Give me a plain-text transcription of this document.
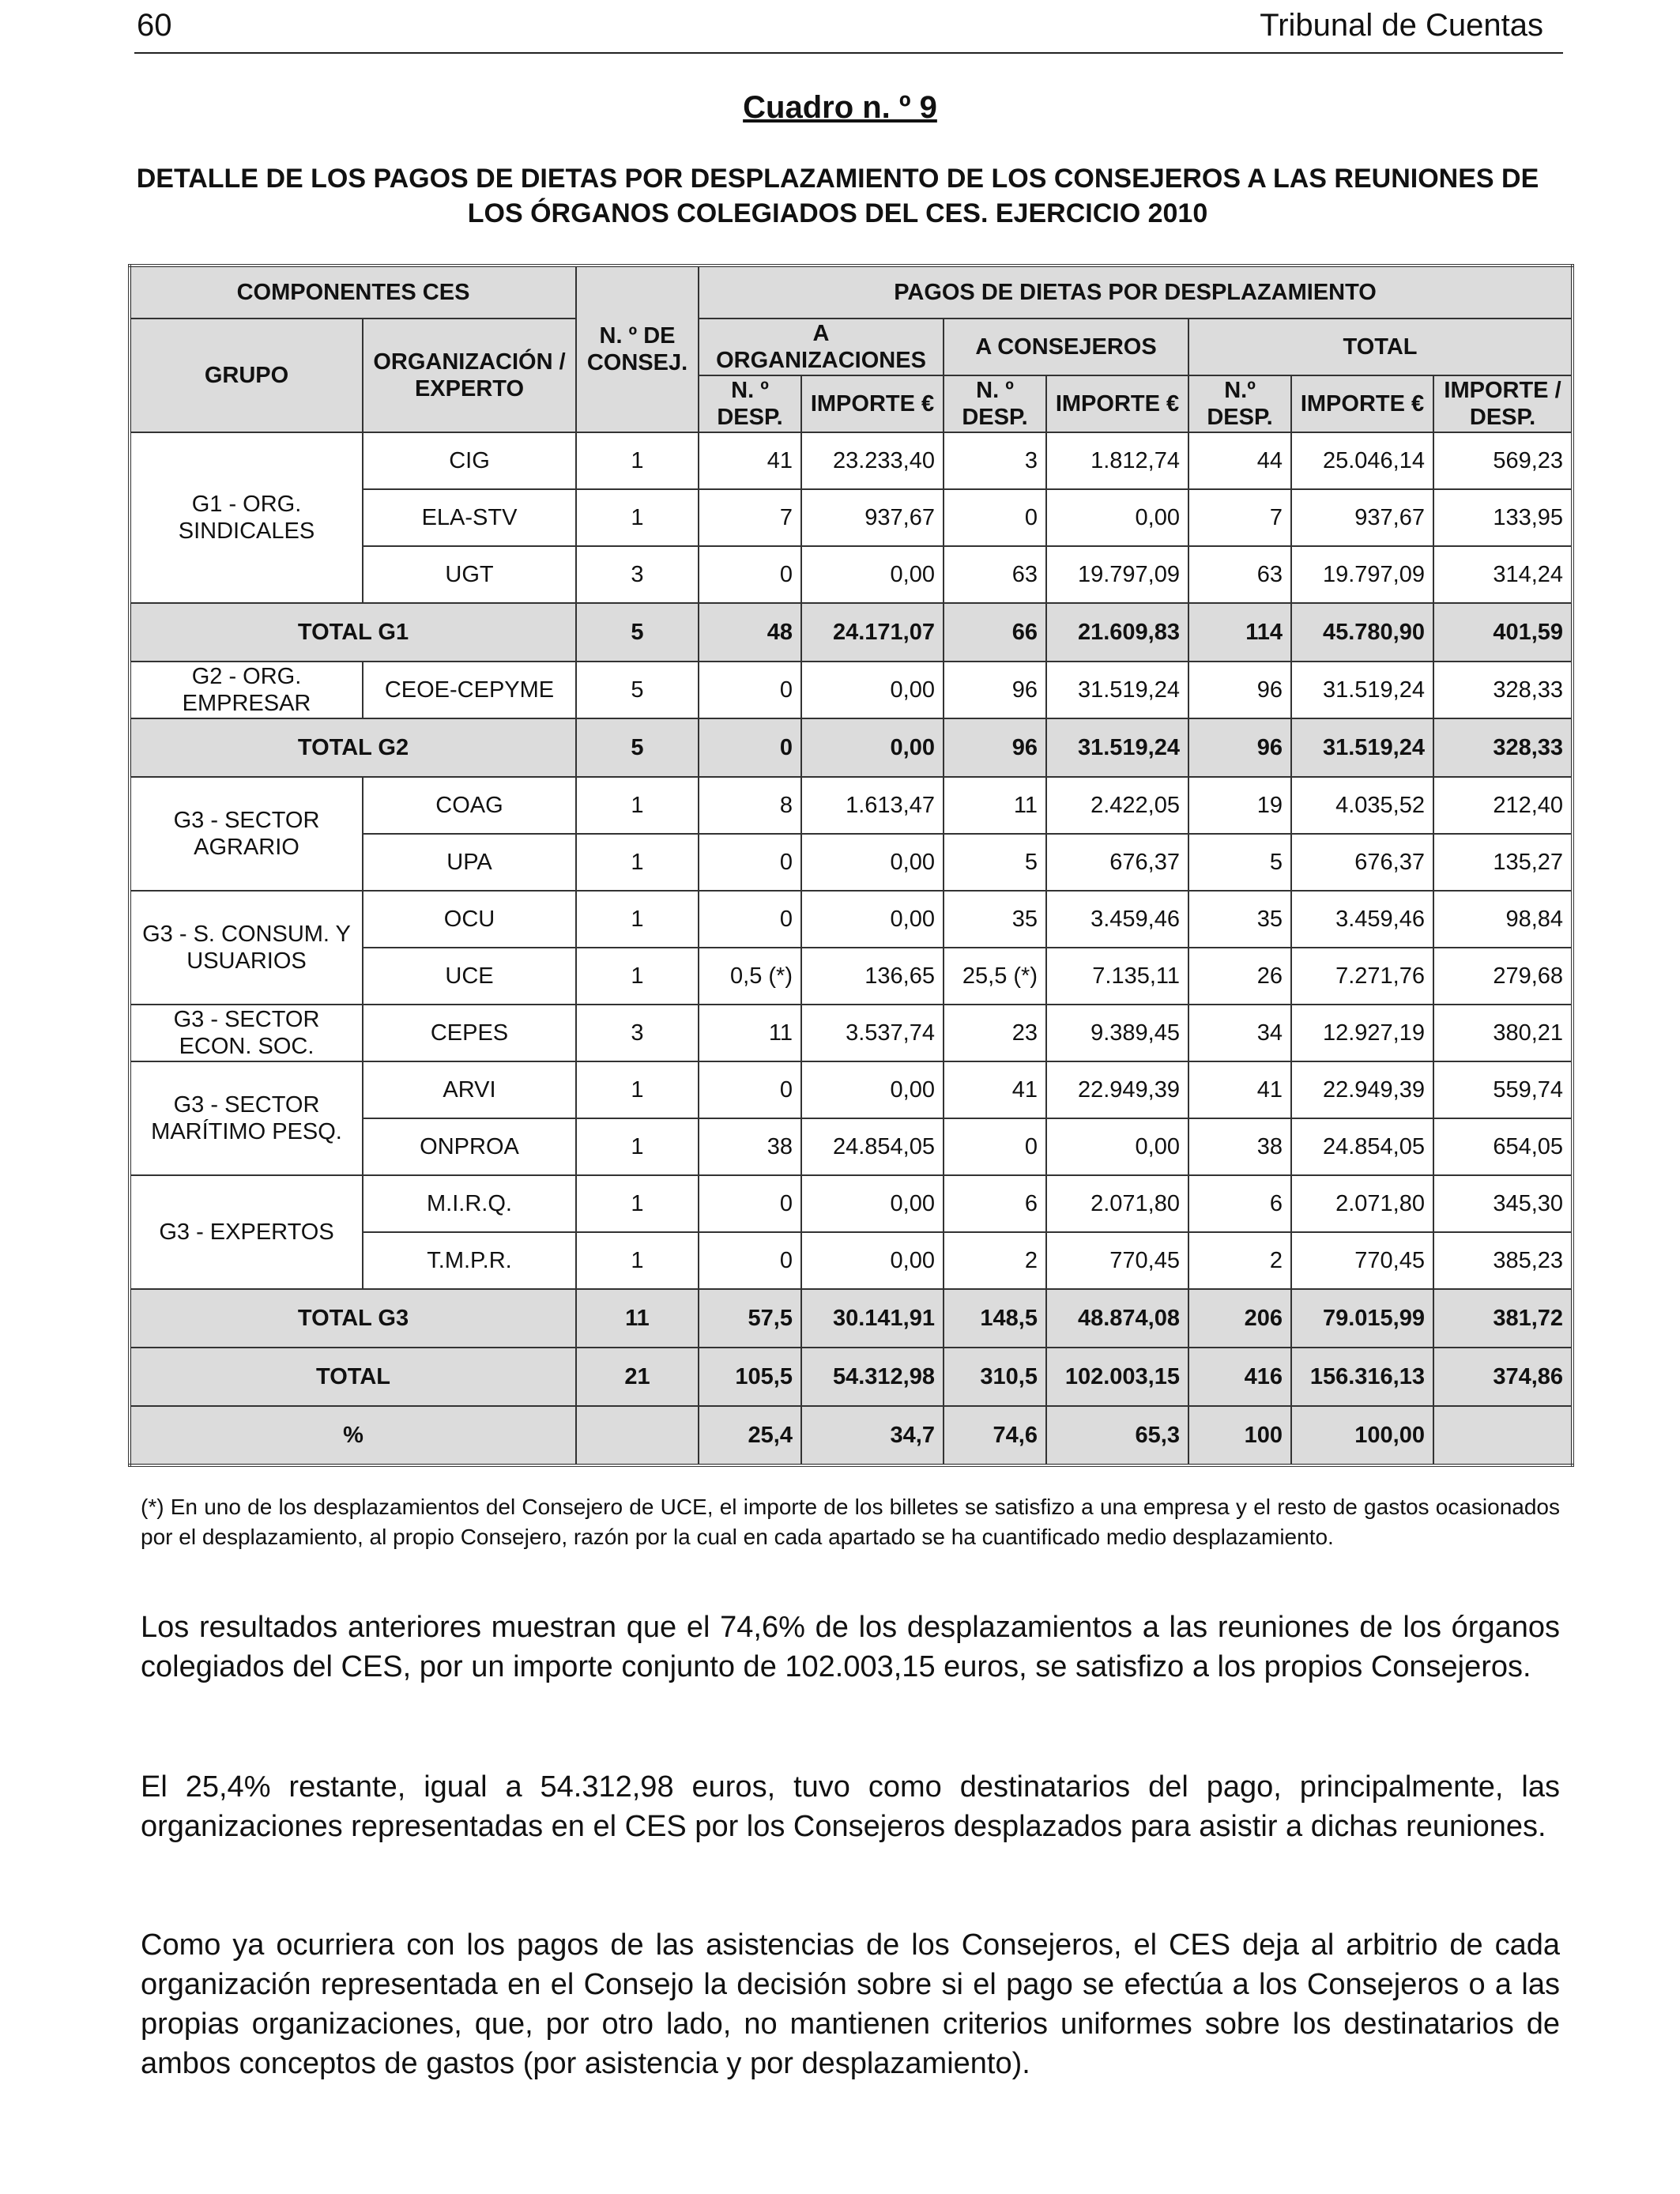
60	Tribunal de Cuentas
Cuadro n. º 9
DETALLE DE LOS PAGOS DE DIETAS POR DESPLAZAMIENTO DE LOS CONSEJEROS A LAS REUNIONES DE LOS ÓRGANOS COLEGIADOS DEL CES. EJERCICIO 2010
COMPONENTES CES		N. º DE CONSEJ.	PAGOS DE DIETAS POR DESPLAZAMIENTO						
GRUPO	ORGANIZACIÓN / EXPERTO		A ORGANIZACIONES		A CONSEJEROS		TOTAL		
			N. º DESP.	IMPORTE €	N. º DESP.	IMPORTE €	N.º DESP.	IMPORTE €	IMPORTE / DESP.
G1 - ORG. SINDICALES	CIG	1	41	23.233,40	3	1.812,74	44	25.046,14	569,23
	ELA-STV	1	7	937,67	0	0,00	7	937,67	133,95
	UGT	3	0	0,00	63	19.797,09	63	19.797,09	314,24
TOTAL G1		5	48	24.171,07	66	21.609,83	114	45.780,90	401,59
G2 - ORG. EMPRESAR	CEOE-CEPYME	5	0	0,00	96	31.519,24	96	31.519,24	328,33
TOTAL G2		5	0	0,00	96	31.519,24	96	31.519,24	328,33
G3 - SECTOR AGRARIO	COAG	1	8	1.613,47	11	2.422,05	19	4.035,52	212,40
	UPA	1	0	0,00	5	676,37	5	676,37	135,27
G3 - S. CONSUM. Y USUARIOS	OCU	1	0	0,00	35	3.459,46	35	3.459,46	98,84
	UCE	1	0,5 (*)	136,65	25,5 (*)	7.135,11	26	7.271,76	279,68
G3 - SECTOR ECON. SOC.	CEPES	3	11	3.537,74	23	9.389,45	34	12.927,19	380,21
G3 - SECTOR MARÍTIMO PESQ.	ARVI	1	0	0,00	41	22.949,39	41	22.949,39	559,74
	ONPROA	1	38	24.854,05	0	0,00	38	24.854,05	654,05
G3 - EXPERTOS	M.I.R.Q.	1	0	0,00	6	2.071,80	6	2.071,80	345,30
	T.M.P.R.	1	0	0,00	2	770,45	2	770,45	385,23
TOTAL G3		11	57,5	30.141,91	148,5	48.874,08	206	79.015,99	381,72
TOTAL		21	105,5	54.312,98	310,5	102.003,15	416	156.316,13	374,86
%			25,4	34,7	74,6	65,3	100	100,00	
(*) En uno de los desplazamientos del Consejero de UCE, el importe de los billetes se satisfizo a una empresa y el resto de gastos ocasionados por el desplazamiento, al propio Consejero, razón por la cual en cada apartado se ha cuantificado medio desplazamiento.
Los resultados anteriores muestran que el 74,6% de los desplazamientos a las reuniones de los órganos colegiados del CES, por un importe conjunto de 102.003,15 euros, se satisfizo a los propios Consejeros.
El 25,4% restante, igual a 54.312,98 euros, tuvo como destinatarios del pago, principalmente, las organizaciones representadas en el CES por los Consejeros desplazados para asistir a dichas reuniones.
Como ya ocurriera con los pagos de las asistencias de los Consejeros, el CES deja al arbitrio de cada organización representada en el Consejo la decisión sobre si el pago se efectúa a los Consejeros o a las propias organizaciones, que, por otro lado, no mantienen criterios uniformes sobre los destinatarios de ambos conceptos de gastos (por asistencia y por desplazamiento).
